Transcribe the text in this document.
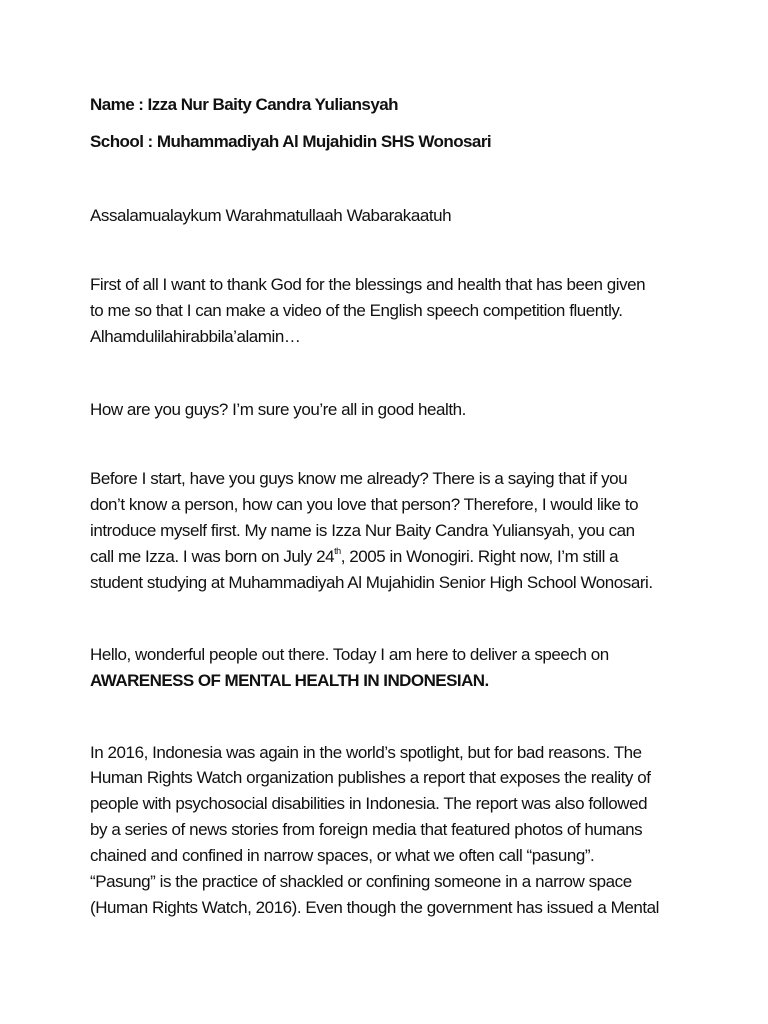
Name : Izza Nur Baity Candra Yuliansyah
School : Muhammadiyah Al Mujahidin SHS Wonosari
Assalamualaykum Warahmatullaah Wabarakaatuh
First of all I want to thank God for the blessings and health that has been given
to me so that I can make a video of the English speech competition fluently.
Alhamdulilahirabbila’alamin…
How are you guys? I’m sure you’re all in good health.
Before I start, have you guys know me already? There is a saying that if you
don’t know a person, how can you love that person? Therefore, I would like to
introduce myself first. My name is Izza Nur Baity Candra Yuliansyah, you can
call me Izza. I was born on July 24th, 2005 in Wonogiri. Right now, I’m still a
student studying at Muhammadiyah Al Mujahidin Senior High School Wonosari.
Hello, wonderful people out there. Today I am here to deliver a speech on
AWARENESS OF MENTAL HEALTH IN INDONESIAN.
In 2016, Indonesia was again in the world’s spotlight, but for bad reasons. The
Human Rights Watch organization publishes a report that exposes the reality of
people with psychosocial disabilities in Indonesia. The report was also followed
by a series of news stories from foreign media that featured photos of humans
chained and confined in narrow spaces, or what we often call “pasung”.
“Pasung” is the practice of shackled or confining someone in a narrow space
(Human Rights Watch, 2016). Even though the government has issued a Mental
